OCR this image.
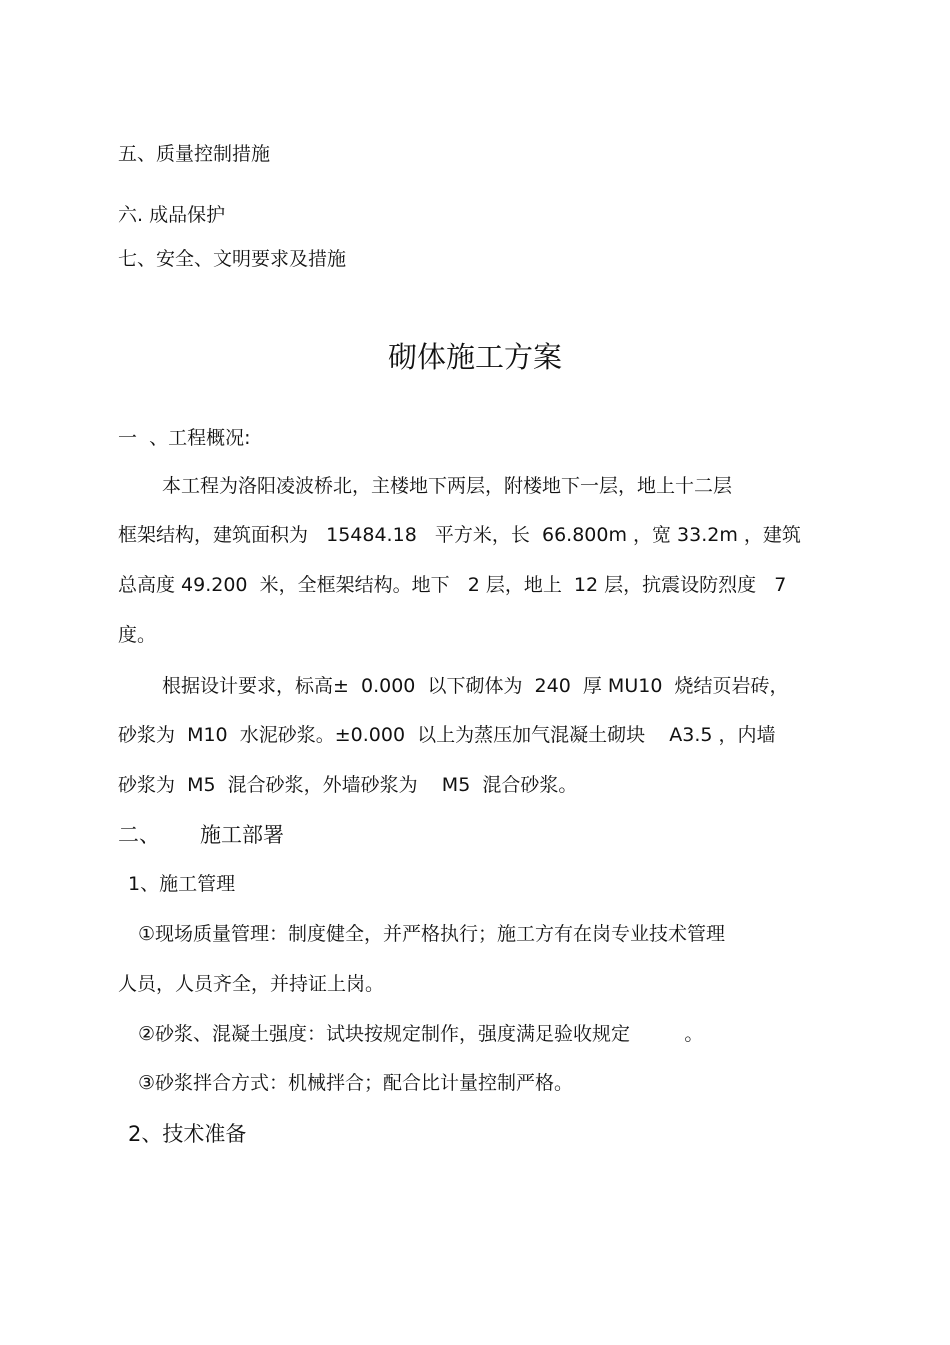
五、质量控制措施

六. 成品保护

七、安全、文明要求及措施

砌体施工方案

一  、工程概况:

本工程为洛阳凌波桥北，主楼地下两层，附楼地下一层，地上十二层

框架结构，建筑面积为   15484.18   平方米，长  66.800m ，宽 33.2m ，建筑

总高度 49.200  米，全框架结构。地下   2 层，地上  12 层，抗震设防烈度   7

度。

根据设计要求，标高±  0.000  以下砌体为  240  厚 MU10  烧结页岩砖，

砂浆为  M10  水泥砂浆。±0.000  以上为蒸压加气混凝土砌块    A3.5 ，内墙

砂浆为  M5  混合砂浆，外墙砂浆为    M5  混合砂浆。

二、      施工部署

1、施工管理

①现场质量管理：制度健全，并严格执行；施工方有在岗专业技术管理

人员，人员齐全，并持证上岗。

②砂浆、混凝土强度：试块按规定制作，强度满足验收规定         。

③砂浆拌合方式：机械拌合；配合比计量控制严格。

2、技术准备
